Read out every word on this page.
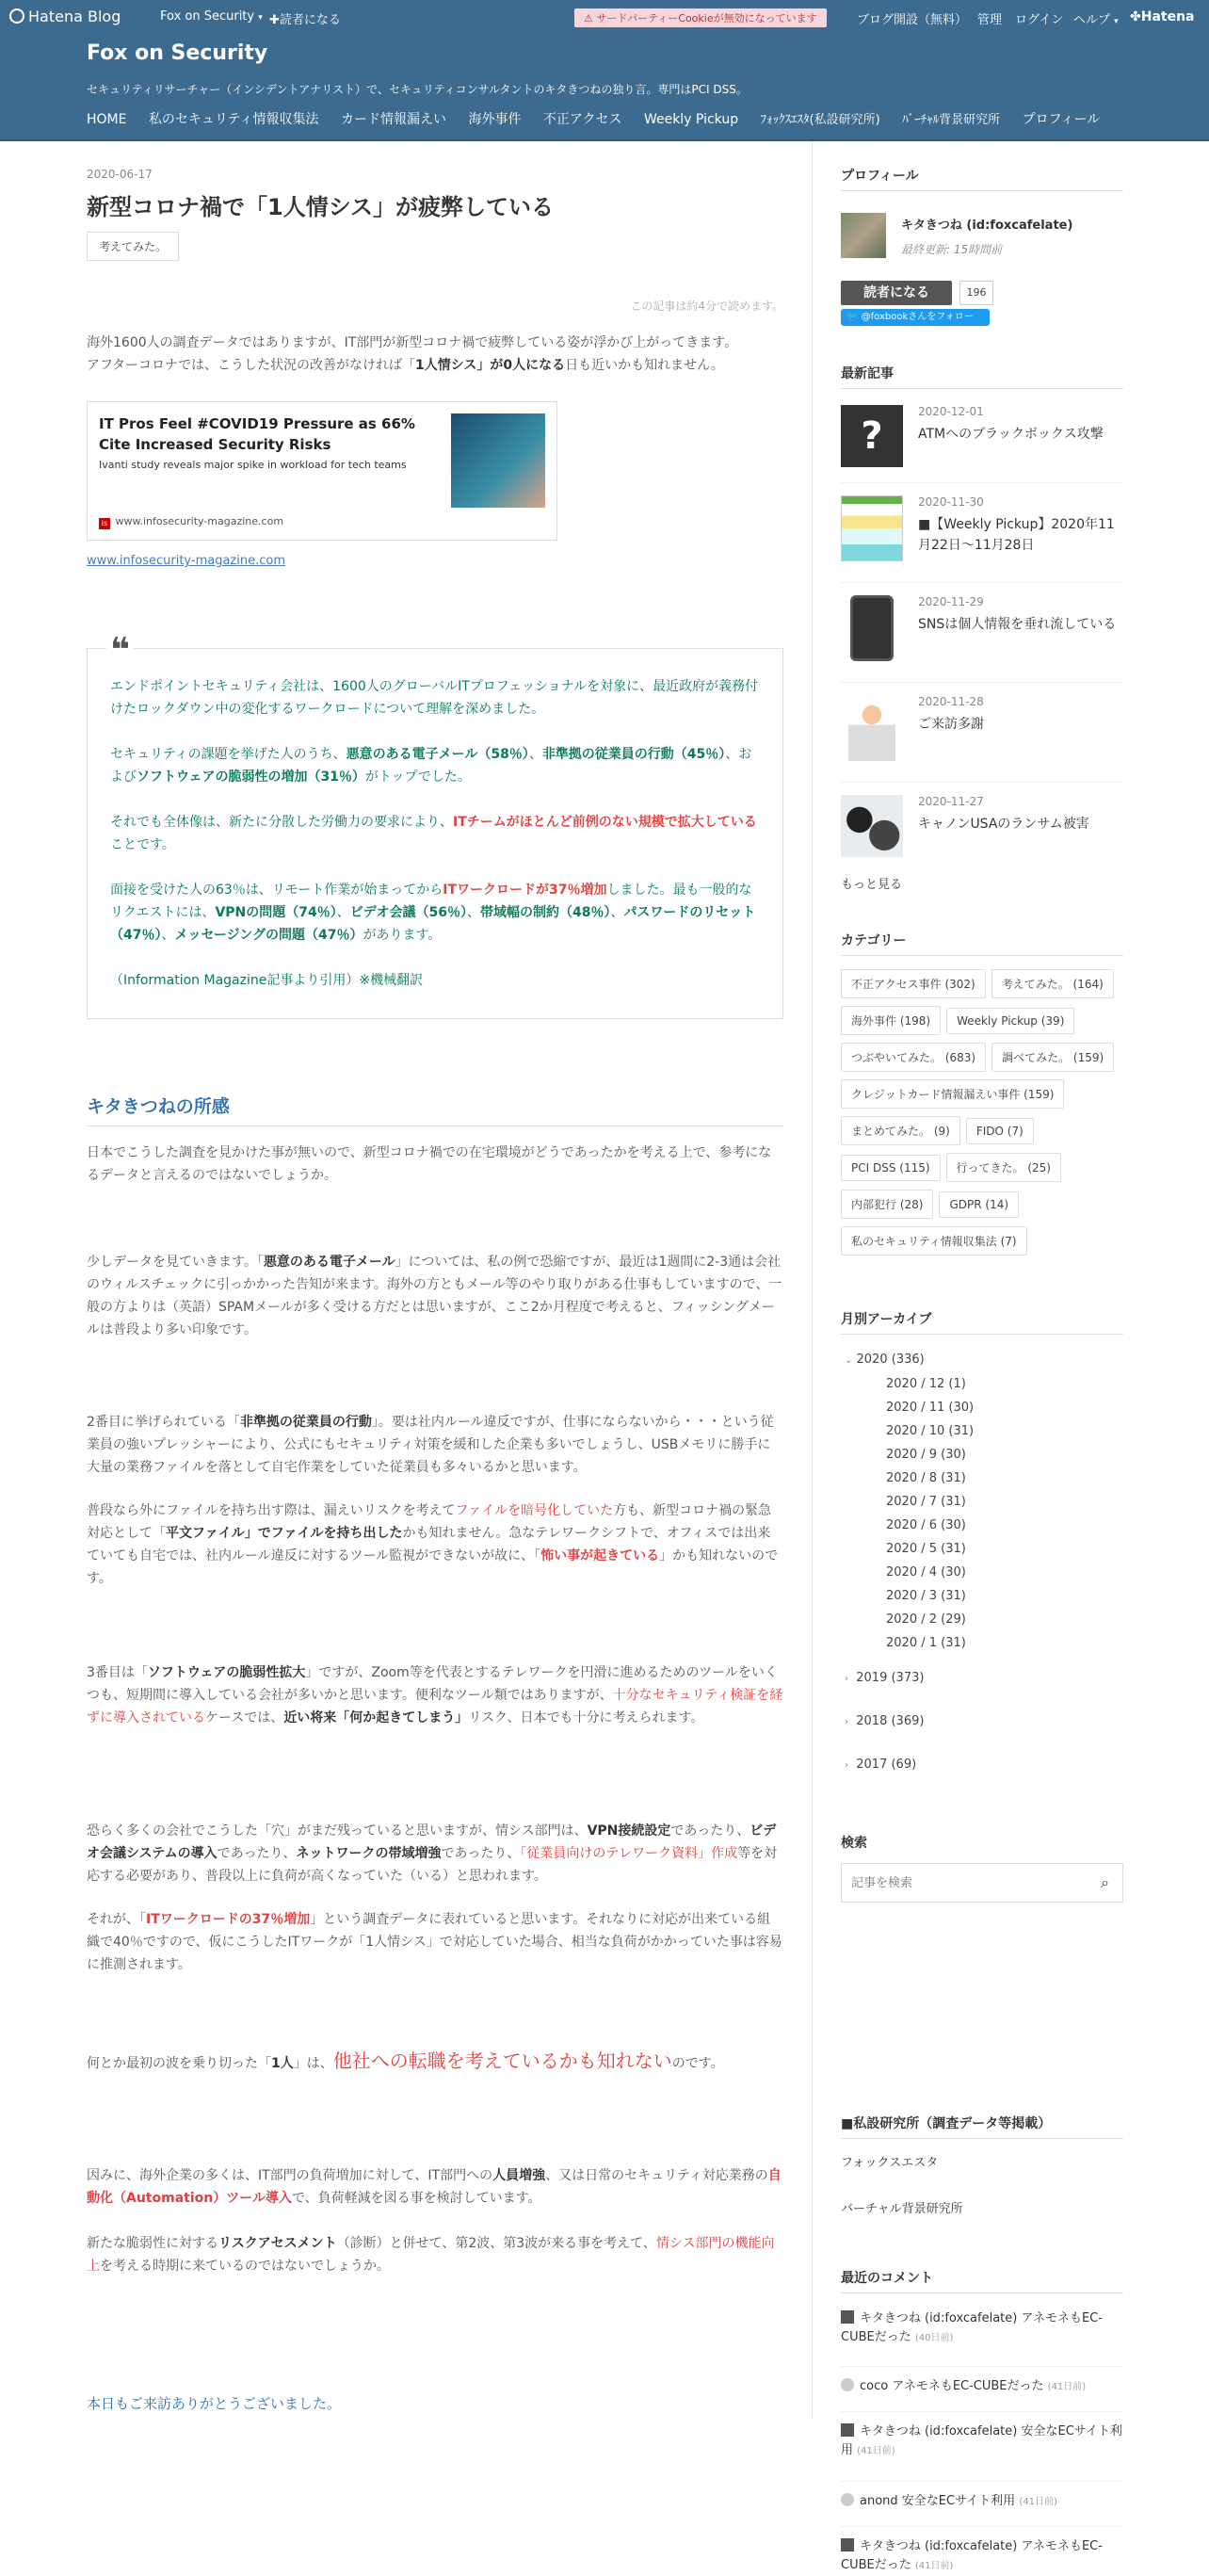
Hatena Blog	Fox on Security ▾ ✚読者になる	⚠ サードパーティーCookieが無効になっています	ブログ開設（無料） 管理 ログイン ヘルプ ▾ ✤Hatena
Fox on Security
セキュリティリサーチャー（インシデントアナリスト）で、セキュリティコンサルタントのキタきつねの独り言。専門はPCI DSS。
HOME 私のセキュリティ情報収集法 カード情報漏えい 海外事件 不正アクセス Weekly Pickup ﾌｫｯｸｽｴｽﾀ(私設研究所) ﾊﾞｰﾁｬﾙ背景研究所 プロフィール
2020-06-17
新型コロナ禍で「1人情シス」が疲弊している
考えてみた。
この記事は約4分で読めます。

海外1600人の調査データではありますが、IT部門が新型コロナ禍で疲弊している姿が浮かび上がってきます。

アフターコロナでは、こうした状況の改善がなければ「1人情シス」が0人になる日も近いかも知れません。

IT Pros Feel #COVID19 Pressure as 66% Cite Increased Security Risks
Ivanti study reveals major spike in workload for tech teams
is www.infosecurity-magazine.com
www.infosecurity-magazine.com
❝

エンドポイントセキュリティ会社は、1600人のグローバルITプロフェッショナルを対象に、最近政府が義務付けたロックダウン中の変化するワークロードについて理解を深めました。

セキュリティの課題を挙げた人のうち、悪意のある電子メール（58％）、非準拠の従業員の行動（45％）、およびソフトウェアの脆弱性の増加（31％）がトップでした。

それでも全体像は、新たに分散した労働力の要求により、ITチームがほとんど前例のない規模で拡大していることです。

面接を受けた人の63％は、リモート作業が始まってからITワークロードが37％増加しました。最も一般的なリクエストには、VPNの問題（74％）、ビデオ会議（56％）、帯域幅の制約（48％）、パスワードのリセット（47％）、メッセージングの問題（47％）があります。

（Information Magazine記事より引用）※機械翻訳

キタきつねの所感

日本でこうした調査を見かけた事が無いので、新型コロナ禍での在宅環境がどうであったかを考える上で、参考になるデータと言えるのではないでしょうか。

少しデータを見ていきます。「悪意のある電子メール」については、私の例で恐縮ですが、最近は1週間に2-3通は会社のウィルスチェックに引っかかった告知が来ます。海外の方ともメール等のやり取りがある仕事もしていますので、一般の方よりは（英語）SPAMメールが多く受ける方だとは思いますが、ここ2か月程度で考えると、フィッシングメールは普段より多い印象です。

2番目に挙げられている「非準拠の従業員の行動」。要は社内ルール違反ですが、仕事にならないから・・・という従業員の強いプレッシャーにより、公式にもセキュリティ対策を緩和した企業も多いでしょうし、USBメモリに勝手に大量の業務ファイルを落として自宅作業をしていた従業員も多々いるかと思います。

普段なら外にファイルを持ち出す際は、漏えいリスクを考えてファイルを暗号化していた方も、新型コロナ禍の緊急対応として「平文ファイル」でファイルを持ち出したかも知れません。急なテレワークシフトで、オフィスでは出来ていても自宅では、社内ルール違反に対するツール監視ができないが故に、「怖い事が起きている」かも知れないのです。

3番目は「ソフトウェアの脆弱性拡大」ですが、Zoom等を代表とするテレワークを円滑に進めるためのツールをいくつも、短期間に導入している会社が多いかと思います。便利なツール類ではありますが、十分なセキュリティ検証を経ずに導入されているケースでは、近い将来「何か起きてしまう」リスク、日本でも十分に考えられます。

恐らく多くの会社でこうした「穴」がまだ残っていると思いますが、情シス部門は、VPN接続設定であったり、ビデオ会議システムの導入であったり、ネットワークの帯域増強であったり、「従業員向けのテレワーク資料」作成等を対応する必要があり、普段以上に負荷が高くなっていた（いる）と思われます。

それが、「ITワークロードの37％増加」という調査データに表れていると思います。それなりに対応が出来ている組織で40％ですので、仮にこうしたITワークが「1人情シス」で対応していた場合、相当な負荷がかかっていた事は容易に推測されます。

何とか最初の波を乗り切った「1人」は、他社への転職を考えているかも知れないのです。

因みに、海外企業の多くは、IT部門の負荷増加に対して、IT部門への人員増強、又は日常のセキュリティ対応業務の自動化（Automation）ツール導入で、負荷軽減を図る事を検討しています。

新たな脆弱性に対するリスクアセスメント（診断）と併せて、第2波、第3波が来る事を考えて、情シス部門の機能向上を考える時期に来ているのではないでしょうか。

本日もご来訪ありがとうございました。

プロフィール
キタきつね (id:foxcafelate)
最終更新: 15時間前
読者になる	196
🐦 @foxbookさんをフォロー
最新記事
?
2020-12-01
ATMへのブラックボックス攻撃
2020-11-30
■【Weekly Pickup】2020年11月22日～11月28日
2020-11-29
SNSは個人情報を垂れ流している
2020-11-28
ご来訪多謝
2020-11-27
キャノンUSAのランサム被害
もっと見る
カテゴリー
不正アクセス事件 (302) 考えてみた。 (164)
海外事件 (198) Weekly Pickup (39)
つぶやいてみた。 (683) 調べてみた。 (159)
クレジットカード情報漏えい事件 (159)
まとめてみた。 (9) FIDO (7)
PCI DSS (115) 行ってきた。 (25)
内部犯行 (28) GDPR (14)
私のセキュリティ情報収集法 (7)
月別アーカイブ
⌄ 2020 (336)
2020 / 12 (1)
2020 / 11 (30)
2020 / 10 (31)
2020 / 9 (30)
2020 / 8 (31)
2020 / 7 (31)
2020 / 6 (30)
2020 / 5 (31)
2020 / 4 (30)
2020 / 3 (31)
2020 / 2 (29)
2020 / 1 (31)
› 2019 (373)
› 2018 (369)
› 2017 (69)
検索
記事を検索
⌕
■私設研究所（調査データ等掲載）
フォックスエスタ
バーチャル背景研究所
最近のコメント
キタきつね (id:foxcafelate) アネモネもEC-CUBEだった (40日前)
coco アネモネもEC-CUBEだった (41日前)
キタきつね (id:foxcafelate) 安全なECサイト利用 (41日前)
anond 安全なECサイト利用 (41日前)
キタきつね (id:foxcafelate) アネモネもEC-CUBEだった (41日前)
